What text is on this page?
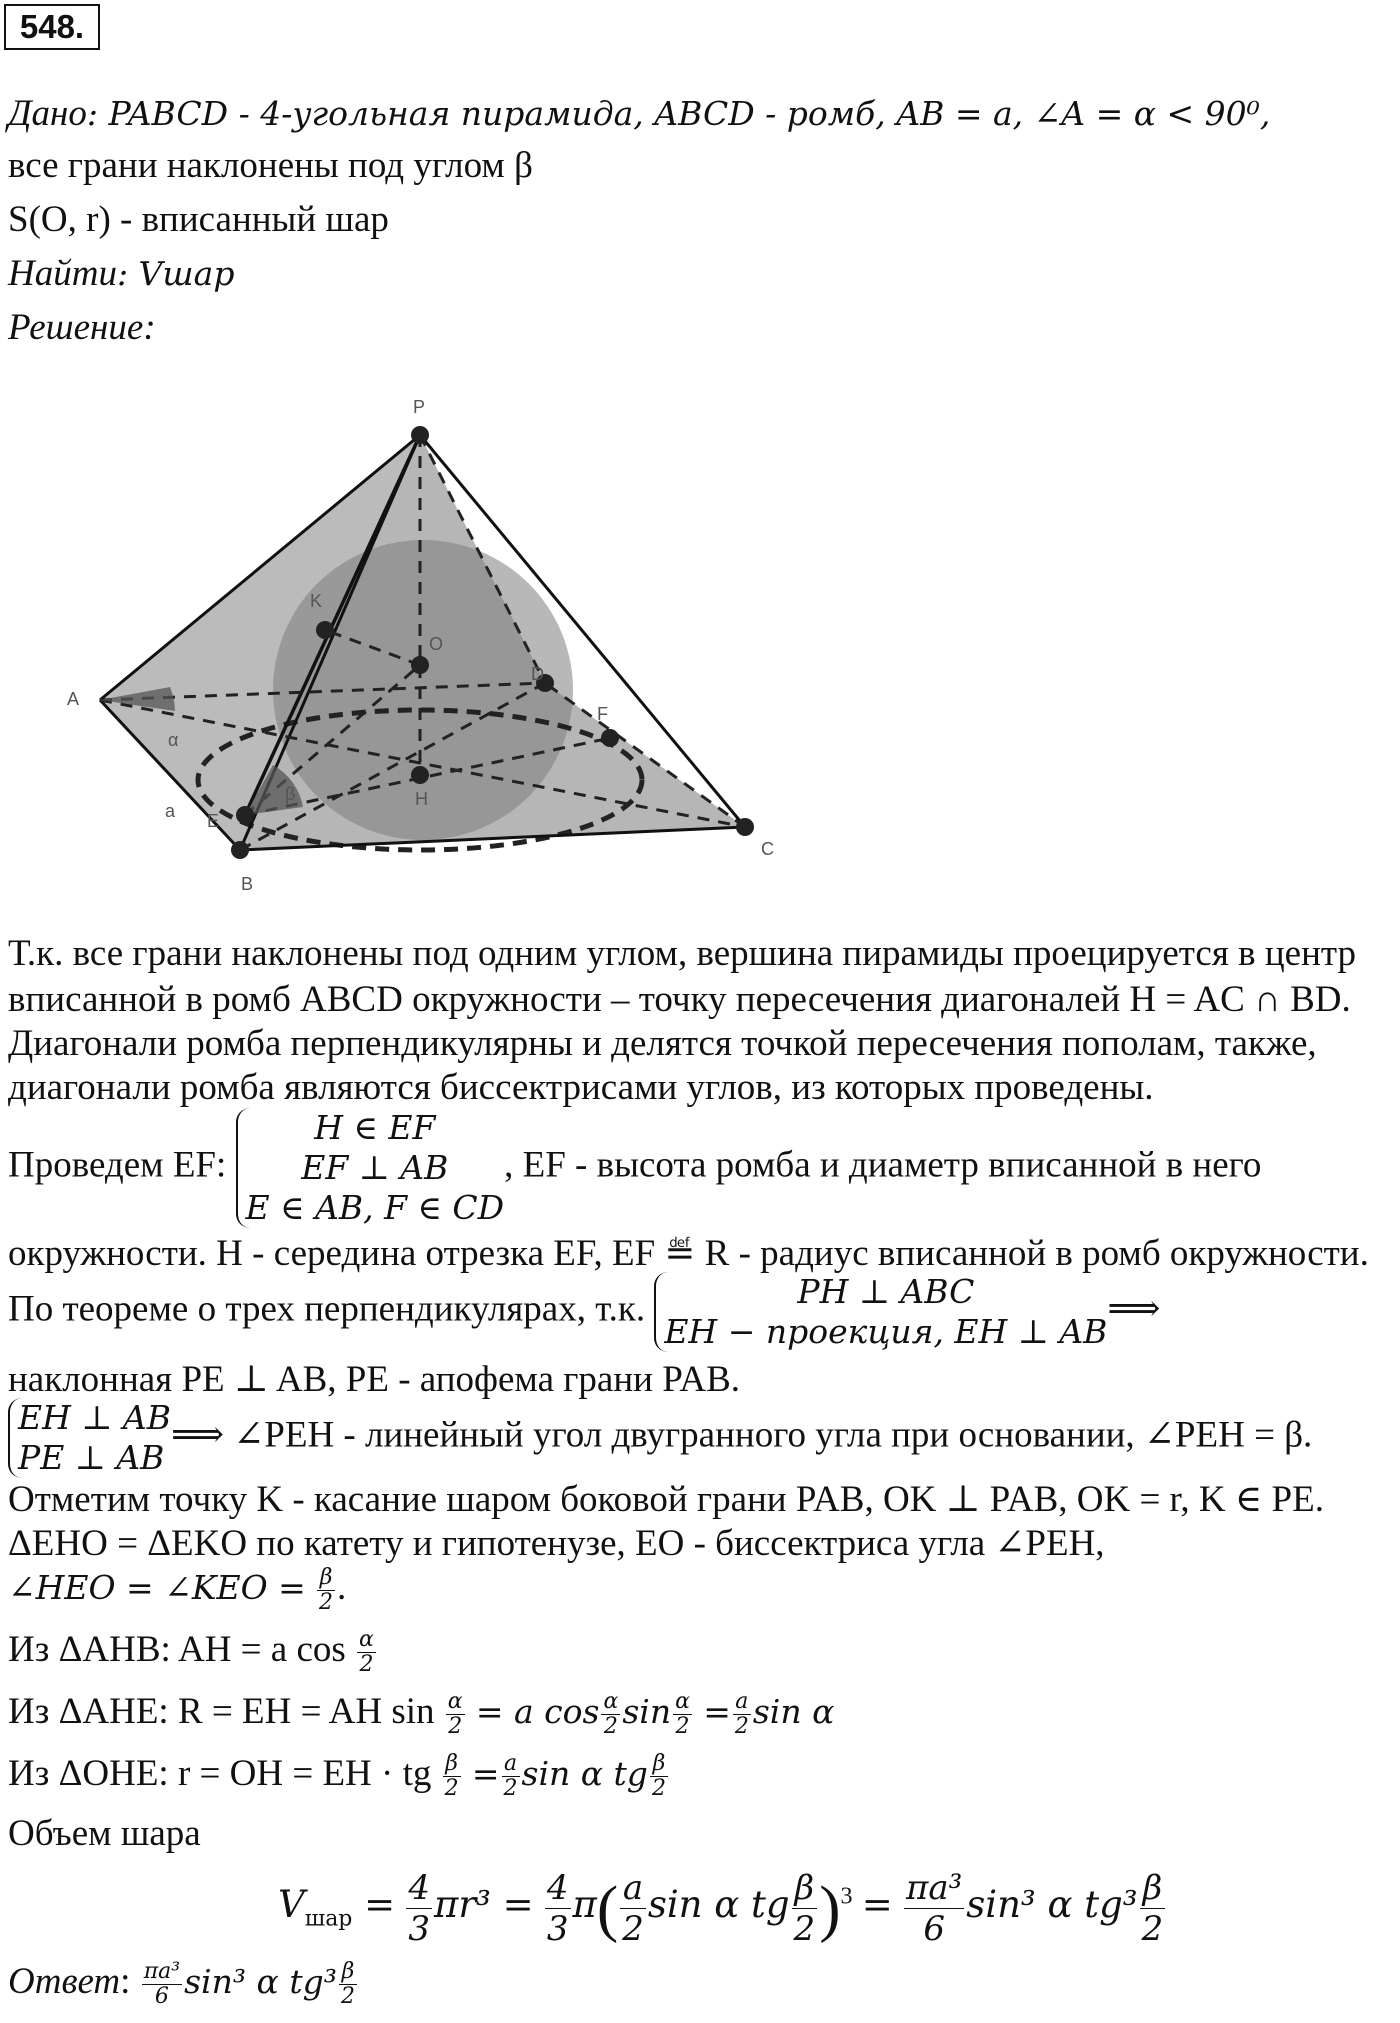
548.
Дано: PABCD - 4-угольная пирамида, ABCD - ромб, AB = a, ∠A = α < 90⁰,
все грани наклонены под углом β
S(O, r) - вписанный шар
Найти: Vшар
Решение:
P
K
O
D
A
α
F
β	H
a E
C
B
Т.к. все грани наклонены под одним углом, вершина пирамиды проецируется в центр
вписанной в ромб ABCD окружности – точку пересечения диагоналей H = AC ∩ BD.
Диагонали ромба перпендикулярны и делятся точкой пересечения пополам, также,
диагонали ромба являются биссектрисами углов, из которых проведены.
Проведем EF:
H ∈ EF
EF ⊥ AB
E ∈ AB, F ∈ CD
, EF - высота ромба и диаметр вписанной в него
окружности. H - середина отрезка EF, EF ≝ R - радиус вписанной в ромб окружности.
По теореме о трех перпендикулярах, т.к.	PH ⊥ ABC
EH − проекция, EH ⊥ AB
⟹
наклонная PE ⊥ AB, PE - апофема грани PAB.
EH ⊥ AB
PE ⊥ AB
⟹ ∠PEH - линейный угол двугранного угла при основании, ∠PEH = β.
Отметим точку K - касание шаром боковой грани PAB, OK ⊥ PAB, OK = r, K ∈ PE.
ΔEHO = ΔEKO по катету и гипотенузе, EO - биссектриса угла ∠PEH,
∠HEO = ∠KEO = $\frac{\beta}{2}$ .
Из ΔAHB: AH = a $\cos \frac{\alpha}{2}$
Из ΔAHE: R = EH = AH $\sin \frac{\alpha}{2} = a$ $\cos \frac{\alpha}{2}$ $\sin \frac{\alpha}{2} = \frac{a}{2}$ sin α
Из ΔOHE: r = OH = EH · tg $\frac{\beta}{2} = \frac{a}{2}$ sin α tg $\frac{\beta}{2}$
Объем шара
$V_{шар} = \frac{4}{3} \pi r^3 = \frac{4}{3} \pi( \frac{a}{2}$ sin α tg $\frac{\beta}{2} )^3 = \frac{\text{πa³}}{6} \sin^3$ α $tg^3 \frac{\beta}{2}$
Ответ: $\frac{\text{πa³}}{6} \sin^3$ α $tg^3 \frac{\beta}{2}$
